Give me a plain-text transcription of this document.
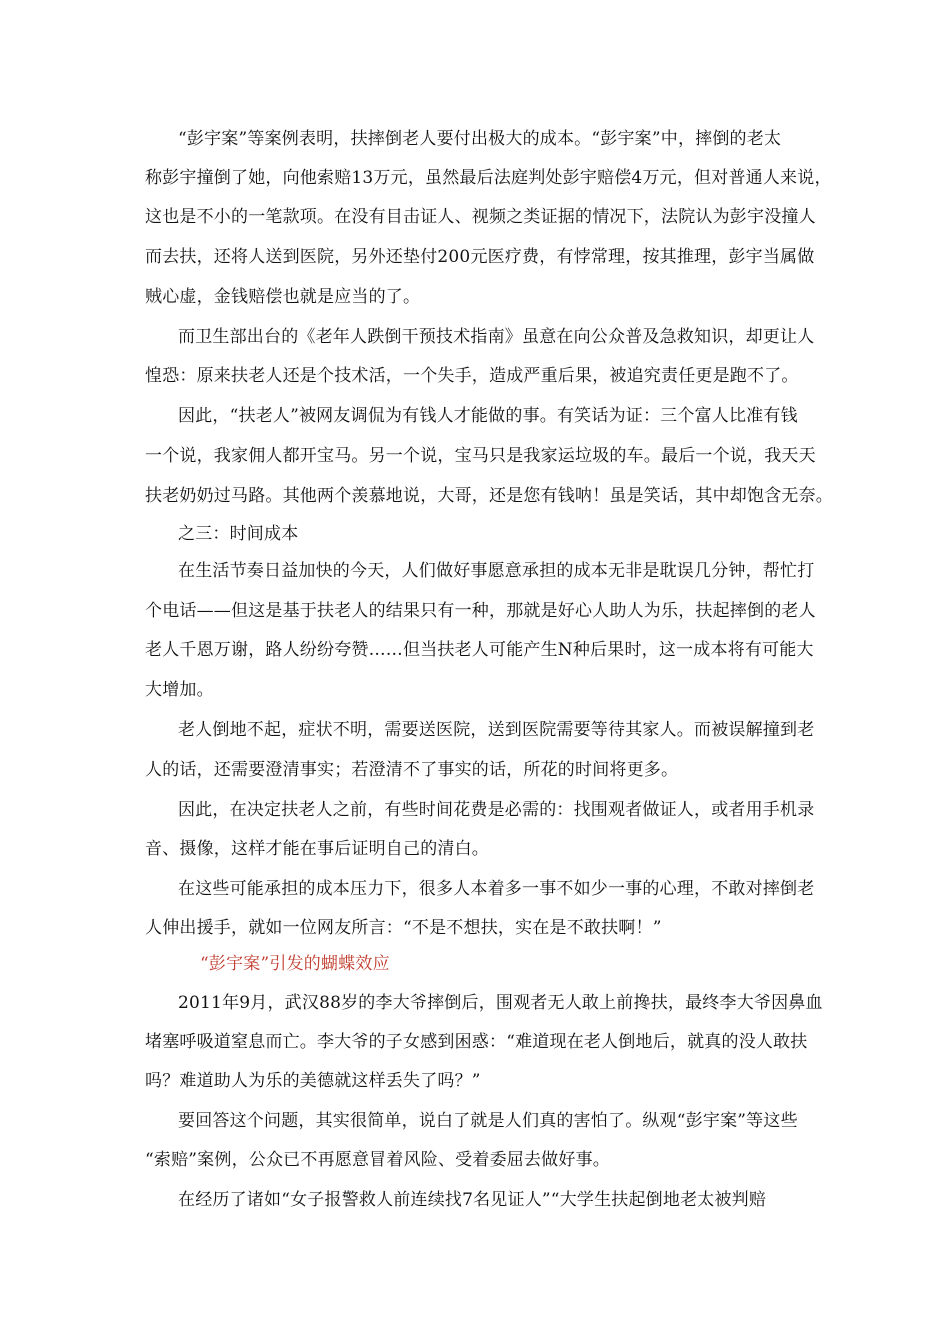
“彭宇案”等案例表明，扶摔倒老人要付出极大的成本。“彭宇案”中，摔倒的老太
称彭宇撞倒了她，向他索赔13万元，虽然最后法庭判处彭宇赔偿4万元，但对普通人来说，
这也是不小的一笔款项。在没有目击证人、视频之类证据的情况下，法院认为彭宇没撞人
而去扶，还将人送到医院，另外还垫付200元医疗费，有悖常理，按其推理，彭宇当属做
贼心虚，金钱赔偿也就是应当的了。
而卫生部出台的《老年人跌倒干预技术指南》虽意在向公众普及急救知识，却更让人
惶恐：原来扶老人还是个技术活，一个失手，造成严重后果，被追究责任更是跑不了。
因此，“扶老人”被网友调侃为有钱人才能做的事。有笑话为证：三个富人比准有钱
一个说，我家佣人都开宝马。另一个说，宝马只是我家运垃圾的车。最后一个说，我天天
扶老奶奶过马路。其他两个羡慕地说，大哥，还是您有钱呐！虽是笑话，其中却饱含无奈。
之三：时间成本
在生活节奏日益加快的今天，人们做好事愿意承担的成本无非是耽误几分钟，帮忙打
个电话——但这是基于扶老人的结果只有一种，那就是好心人助人为乐，扶起摔倒的老人
老人千恩万谢，路人纷纷夸赞……但当扶老人可能产生N种后果时，这一成本将有可能大
大增加。
老人倒地不起，症状不明，需要送医院，送到医院需要等待其家人。而被误解撞到老
人的话，还需要澄清事实；若澄清不了事实的话，所花的时间将更多。
因此，在决定扶老人之前，有些时间花费是必需的：找围观者做证人，或者用手机录
音、摄像，这样才能在事后证明自己的清白。
在这些可能承担的成本压力下，很多人本着多一事不如少一事的心理，不敢对摔倒老
人伸出援手，就如一位网友所言：“不是不想扶，实在是不敢扶啊！”
“彭宇案”引发的蝴蝶效应
2011年9月，武汉88岁的李大爷摔倒后，围观者无人敢上前搀扶，最终李大爷因鼻血
堵塞呼吸道窒息而亡。李大爷的子女感到困惑：“难道现在老人倒地后，就真的没人敢扶
吗？难道助人为乐的美德就这样丢失了吗？”
要回答这个问题，其实很简单，说白了就是人们真的害怕了。纵观“彭宇案”等这些
“索赔”案例，公众已不再愿意冒着风险、受着委屈去做好事。
在经历了诸如“女子报警救人前连续找7名见证人”“大学生扶起倒地老太被判赔
